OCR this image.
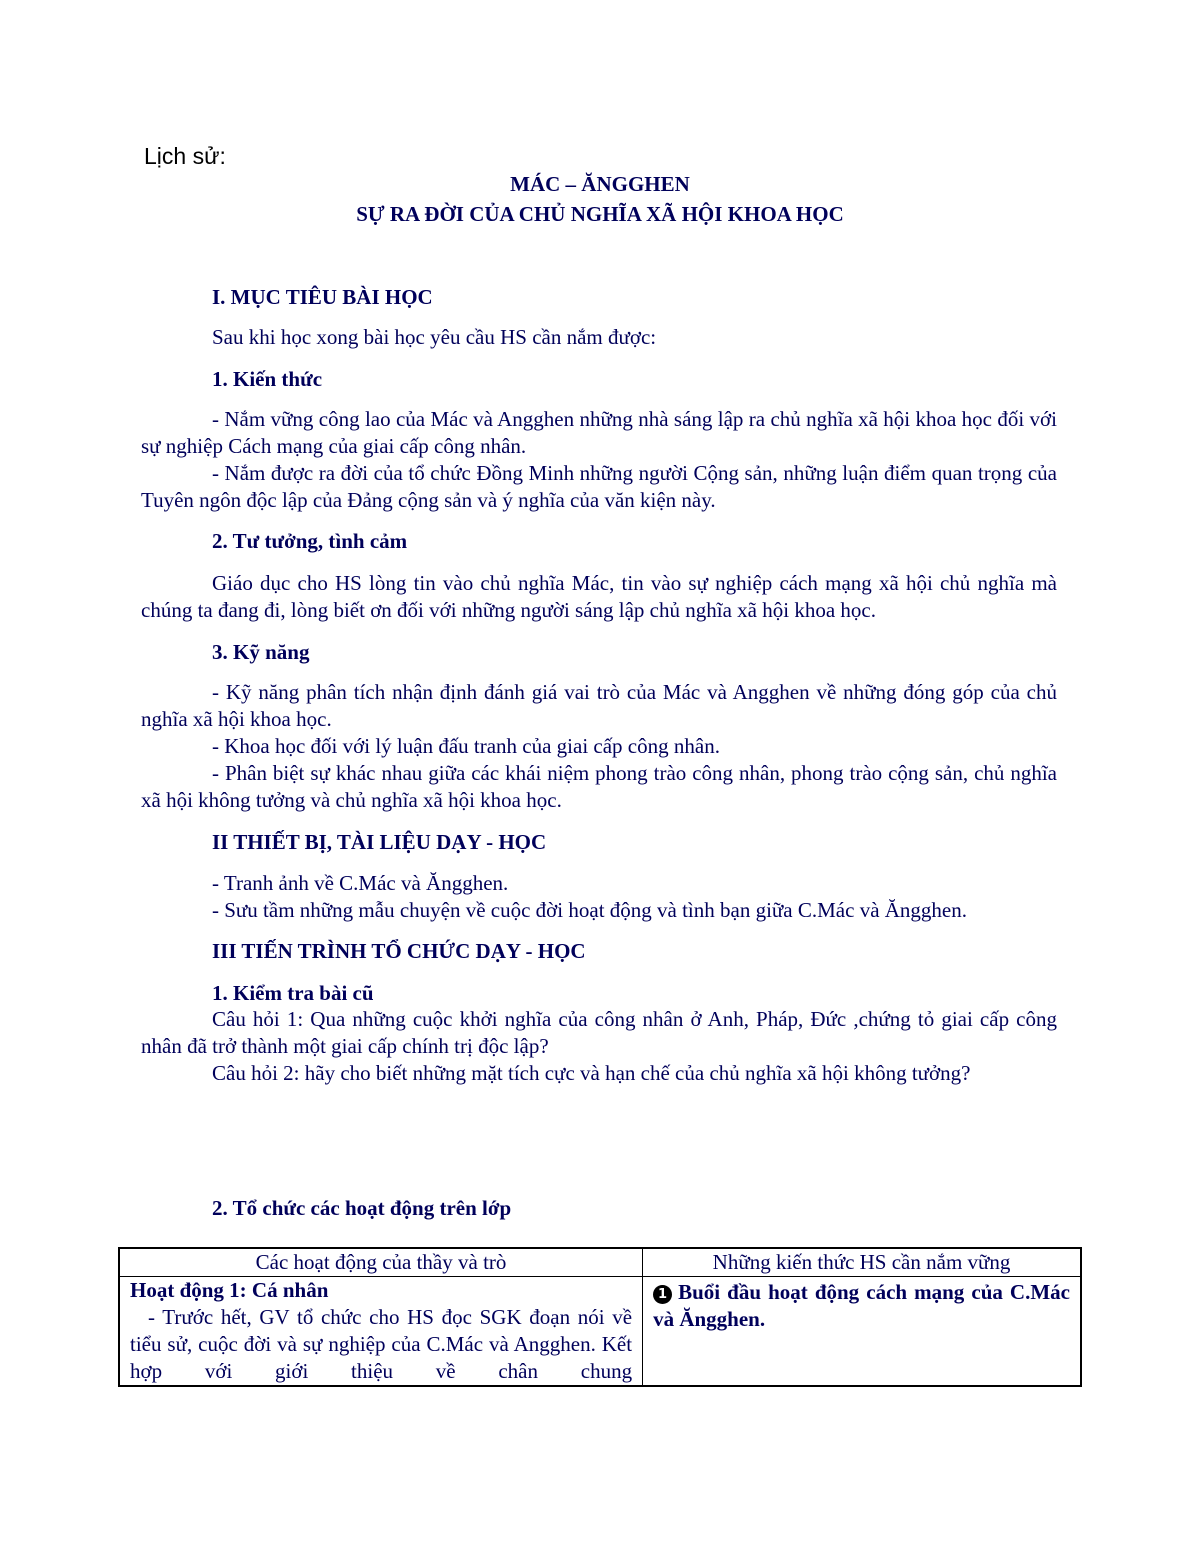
Lịch sử:
MÁC – ĂNGGHEN
SỰ RA ĐỜI CỦA CHỦ NGHĨA XÃ HỘI KHOA HỌC
I. MỤC TIÊU BÀI HỌC
Sau khi học xong bài học yêu cầu HS cần nắm được:
1. Kiến thức
- Nắm vững công lao của Mác và Angghen những nhà sáng lập ra chủ nghĩa xã hội khoa học đối với sự nghiệp Cách mạng của giai cấp công nhân.
- Nắm được ra đời của tổ chức Đồng Minh những người Cộng sản, những luận điểm quan trọng của Tuyên ngôn độc lập của Đảng cộng sản và ý nghĩa của văn kiện này.
2. Tư tưởng, tình cảm
Giáo dục cho HS lòng tin vào chủ nghĩa Mác, tin vào sự nghiệp cách mạng xã hội chủ nghĩa mà chúng ta đang đi, lòng biết ơn đối với những người sáng lập chủ nghĩa xã hội khoa học.
3. Kỹ năng
- Kỹ năng phân tích nhận định đánh giá vai trò của Mác và Angghen về những đóng góp của chủ nghĩa xã hội khoa học.
- Khoa học đối với lý luận đấu tranh của giai cấp công nhân.
- Phân biệt sự khác nhau giữa các khái niệm phong trào công nhân, phong trào cộng sản, chủ nghĩa xã hội không tưởng và chủ nghĩa xã hội khoa học.
II THIẾT BỊ, TÀI LIỆU DẠY - HỌC
- Tranh ảnh về C.Mác và Ăngghen.
- Sưu tầm những mẫu chuyện về cuộc đời hoạt động và tình bạn giữa C.Mác và Ăngghen.
III TIẾN TRÌNH TỔ CHỨC DẠY - HỌC
1. Kiểm tra bài cũ
Câu hỏi 1: Qua những cuộc khởi nghĩa của công nhân ở Anh, Pháp, Đức ,chứng tỏ giai cấp công nhân đã trở thành một giai cấp chính trị độc lập?
Câu hỏi 2: hãy cho biết những mặt tích cực và hạn chế của chủ nghĩa xã hội không tưởng?
2. Tổ chức các hoạt động trên lớp
Các hoạt động của thầy và trò	Những kiến thức HS cần nắm vững

Hoạt động 1: Cá nhân
- Trước hết, GV tổ chức cho HS đọc SGK đoạn nói về tiểu sử, cuộc đời và sự nghiệp của C.Mác và Angghen. Kết hợp với giới thiệu về chân chung	1 Buổi đầu hoạt động cách mạng của C.Mác và Ăngghen.
